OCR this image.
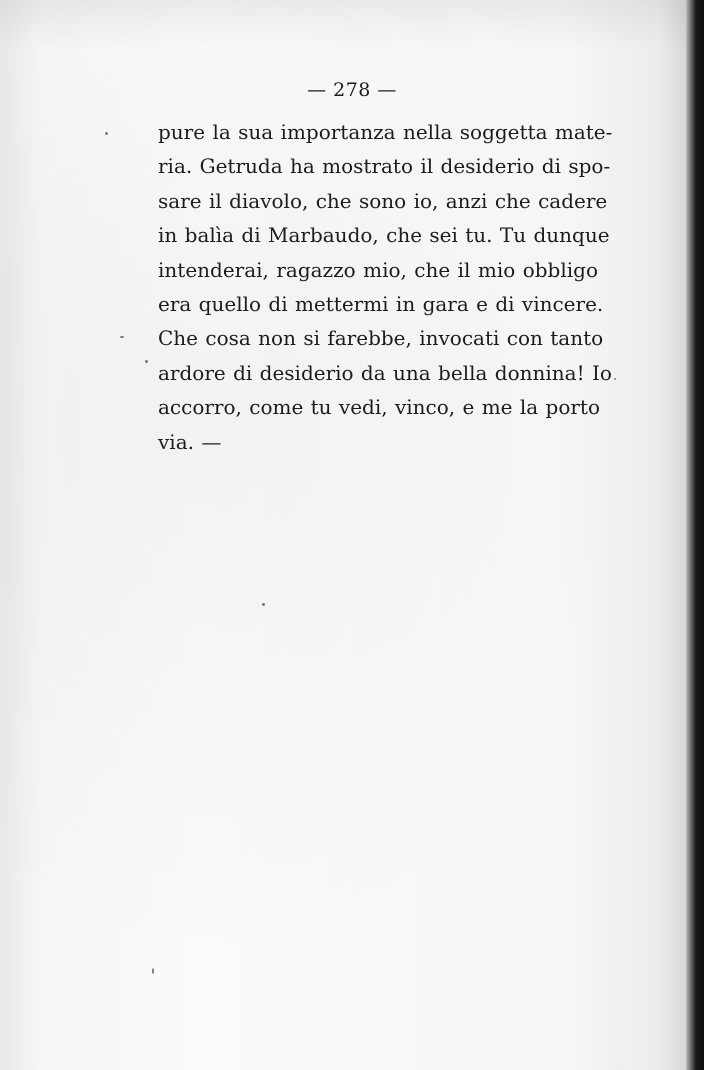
— 278 —
pure la sua importanza nella soggetta mate-
ria. Getruda ha mostrato il desiderio di spo-
sare il diavolo, che sono io, anzi che cadere
in balìa di Marbaudo, che sei tu. Tu dunque
intenderai, ragazzo mio, che il mio obbligo
era quello di mettermi in gara e di vincere.
Che cosa non si farebbe, invocati con tanto
ardore di desiderio da una bella donnina! Io
accorro, come tu vedi, vinco, e me la porto
via. —
